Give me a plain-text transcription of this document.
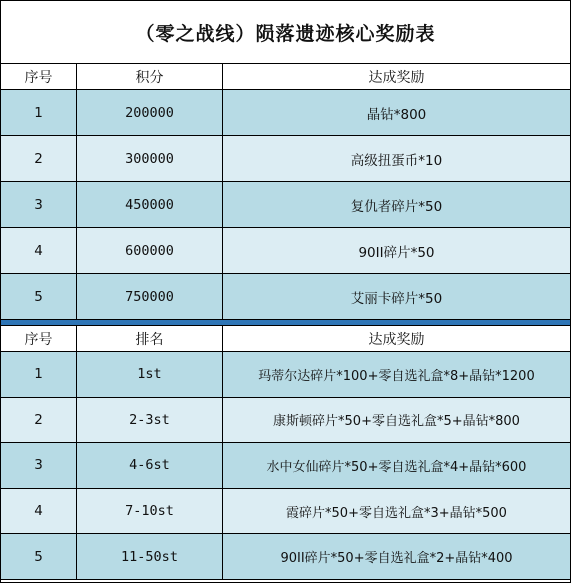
（零之战线）陨落遗迹核心奖励表
序号	积分	达成奖励
1	200000	晶钻*800
2	300000	高级扭蛋币*10
3	450000	复仇者碎片*50
4	600000	90II碎片*50
5	750000	艾丽卡碎片*50
序号	排名	达成奖励
1	1st	玛蒂尔达碎片*100+零自选礼盒*8+晶钻*1200
2	2-3st	康斯顿碎片*50+零自选礼盒*5+晶钻*800
3	4-6st	水中女仙碎片*50+零自选礼盒*4+晶钻*600
4	7-10st	霞碎片*50+零自选礼盒*3+晶钻*500
5	11-50st	90II碎片*50+零自选礼盒*2+晶钻*400
